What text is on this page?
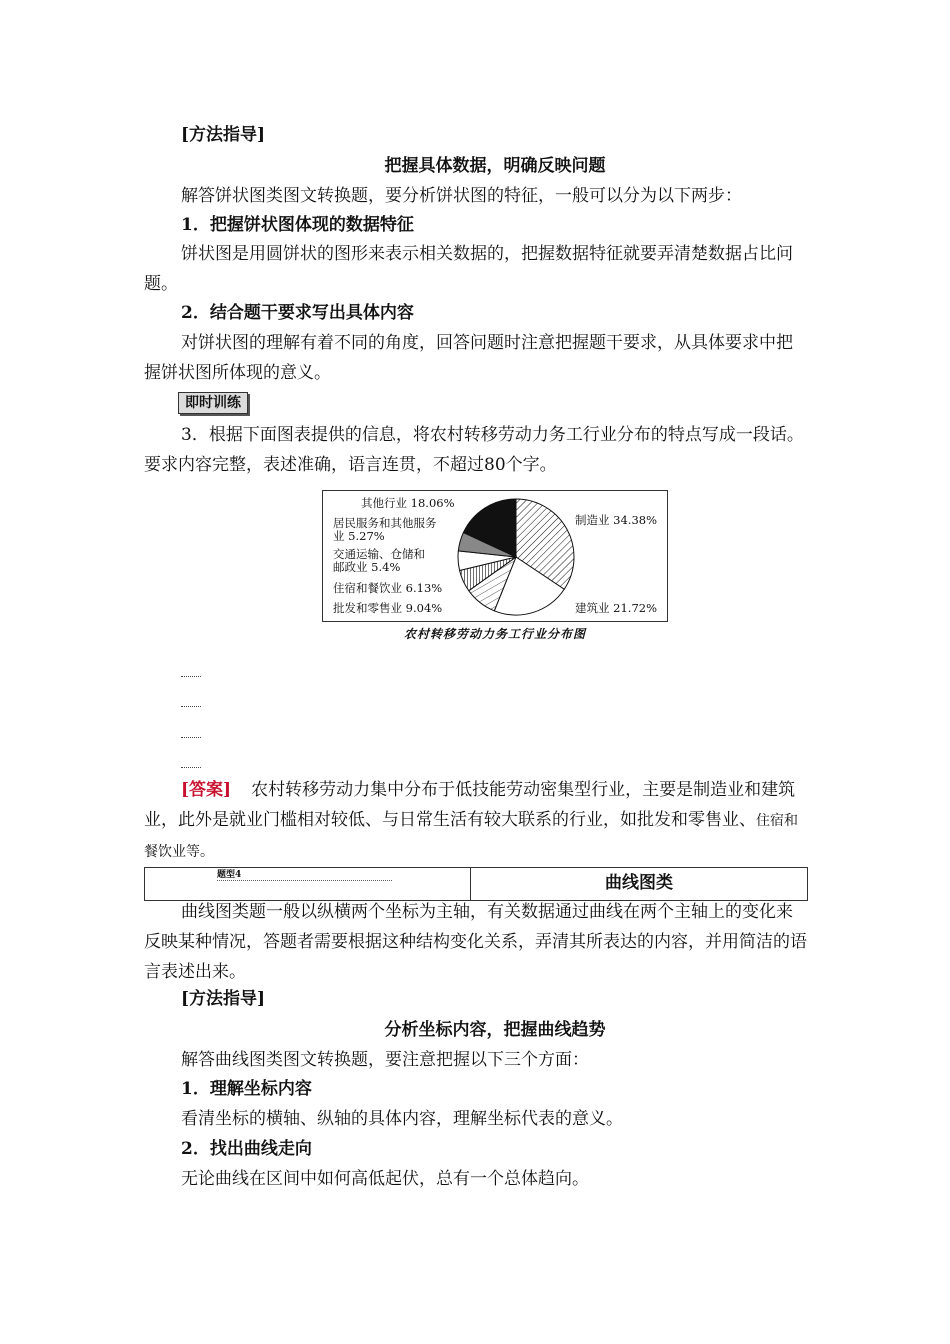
[方法指导]
把握具体数据，明确反映问题
解答饼状图类图文转换题，要分析饼状图的特征，一般可以分为以下两步：
1．把握饼状图体现的数据特征
饼状图是用圆饼状的图形来表示相关数据的，把握数据特征就要弄清楚数据占比问题。
2．结合题干要求写出具体内容
对饼状图的理解有着不同的角度，回答问题时注意把握题干要求，从具体要求中把握饼状图所体现的意义。
即时训练
3．根据下面图表提供的信息，将农村转移劳动力务工行业分布的特点写成一段话。要求内容完整，表述准确，语言连贯，不超过80个字。
制造业 34.38%
建筑业 21.72%
批发和零售业 9.04%
住宿和餐饮业 6.13%
交通运输、仓储和
邮政业 5.4%
居民服务和其他服务
业 5.27%
其他行业 18.06%
农村转移劳动力务工行业分布图
[答案] 农村转移劳动力集中分布于低技能劳动密集型行业，主要是制造业和建筑业，此外是就业门槛相对较低、与日常生活有较大联系的行业，如批发和零售业、住宿和餐饮业等。
题型4	曲线图类
曲线图类题一般以纵横两个坐标为主轴，有关数据通过曲线在两个主轴上的变化来反映某种情况，答题者需要根据这种结构变化关系，弄清其所表达的内容，并用简洁的语言表述出来。
[方法指导]
分析坐标内容，把握曲线趋势
解答曲线图类图文转换题，要注意把握以下三个方面：
1．理解坐标内容
看清坐标的横轴、纵轴的具体内容，理解坐标代表的意义。
2．找出曲线走向
无论曲线在区间中如何高低起伏，总有一个总体趋向。
